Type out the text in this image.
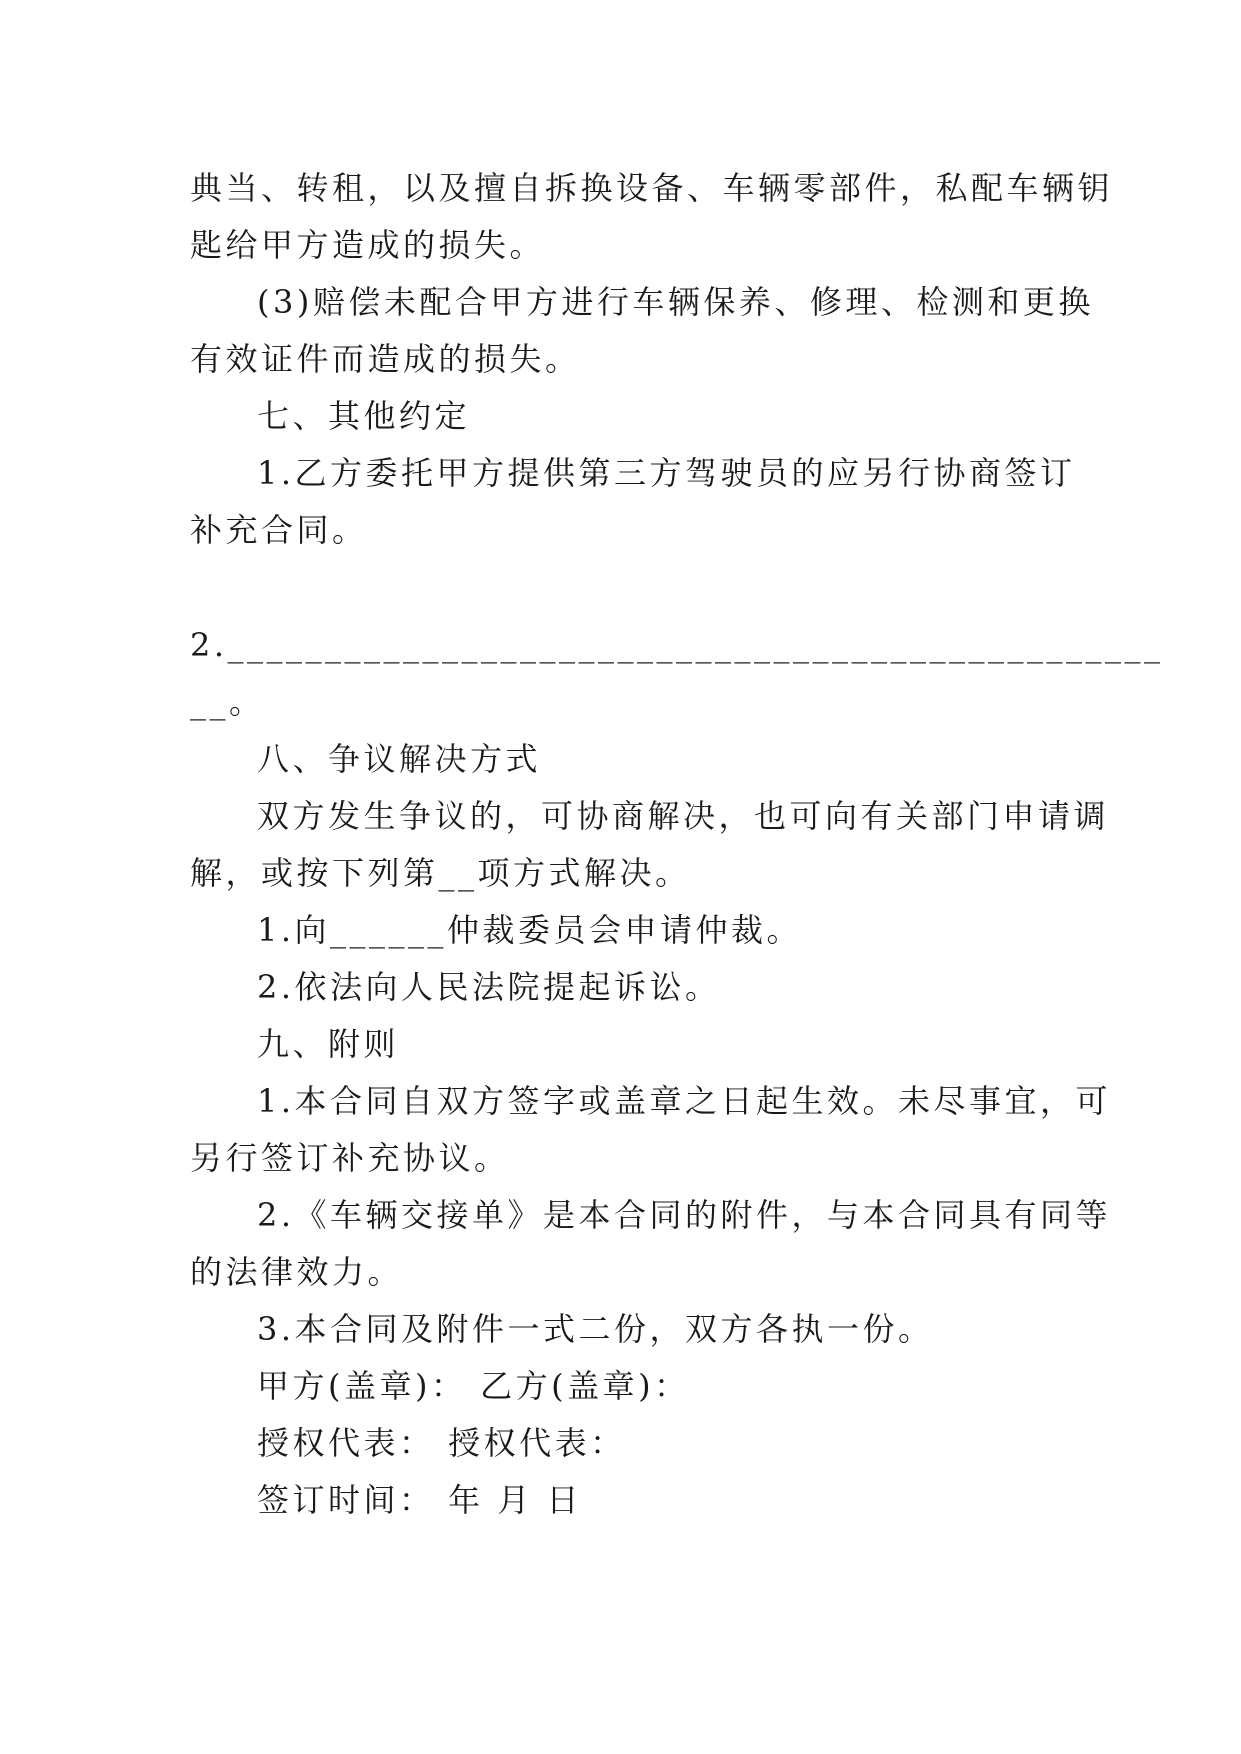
典当、转租，以及擅自拆换设备、车辆零部件，私配车辆钥
匙给甲方造成的损失。
(3)赔偿未配合甲方进行车辆保养、修理、检测和更换
有效证件而造成的损失。
七、其他约定
1.乙方委托甲方提供第三方驾驶员的应另行协商签订
补充合同。
2.________________________________________________
__。
八、争议解决方式
双方发生争议的，可协商解决，也可向有关部门申请调
解，或按下列第__项方式解决。
1.向______仲裁委员会申请仲裁。
2.依法向人民法院提起诉讼。
九、附则
1.本合同自双方签字或盖章之日起生效。未尽事宜，可
另行签订补充协议。
2.《车辆交接单》是本合同的附件，与本合同具有同等
的法律效力。
3.本合同及附件一式二份，双方各执一份。
甲方(盖章)： 乙方(盖章)：
授权代表： 授权代表：
签订时间： 年 月 日
